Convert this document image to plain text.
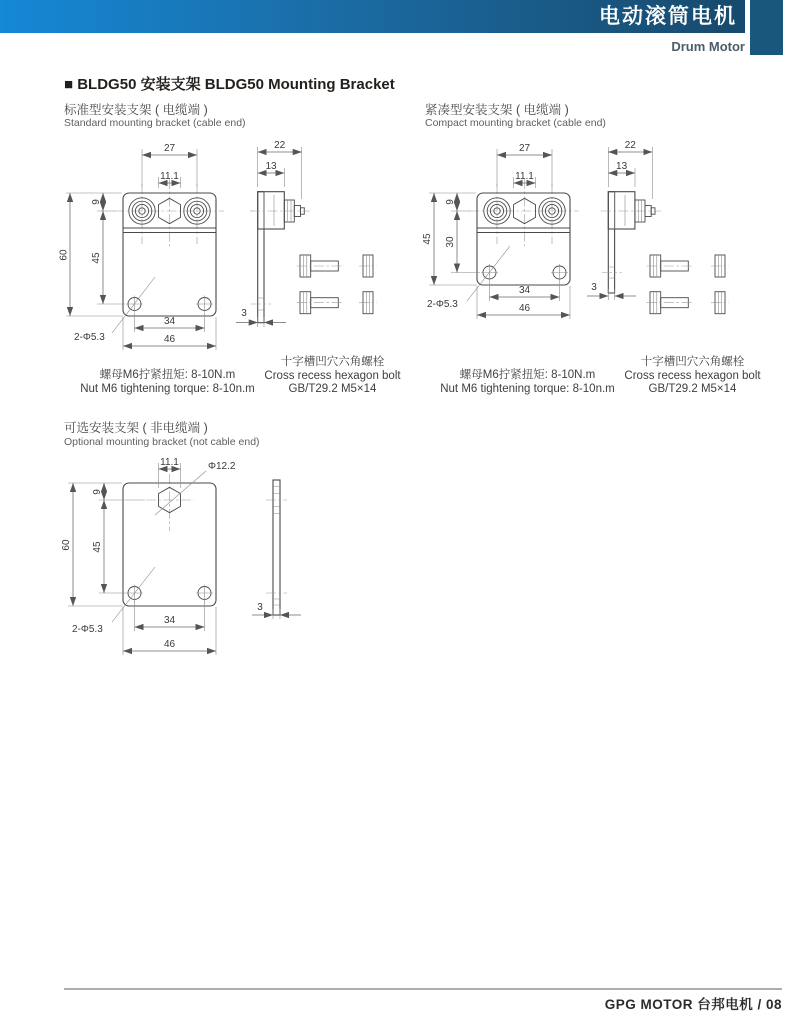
电动滚筒电机
Drum Motor
■ BLDG50 安装支架 BLDG50 Mounting Bracket
标准型安装支架 ( 电缆端 )
Standard mounting bracket (cable end)
紧凑型安装支架 ( 电缆端 )
Compact mounting bracket (cable end)
可选安装支架 ( 非电缆端 )
Optional mounting bracket (not cable end)
27
11.1
9
45
60
34
46
2-Φ5.3
22
13
3
27
11.1
9
30
45
34
46
2-Φ5.3
22
13
3
螺母M6拧紧扭矩: 8-10N.m
Nut M6 tightening torque: 8-10n.m
十字槽凹穴六角螺栓
Cross recess hexagon bolt
GB/T29.2 M5×14
螺母M6拧紧扭矩: 8-10N.m
Nut M6 tightening torque: 8-10n.m
十字槽凹穴六角螺栓
Cross recess hexagon bolt
GB/T29.2 M5×14
11.1	Φ12.2
9
45
60
34
46
2-Φ5.3
3
GPG MOTOR 台邦电机 / 08
